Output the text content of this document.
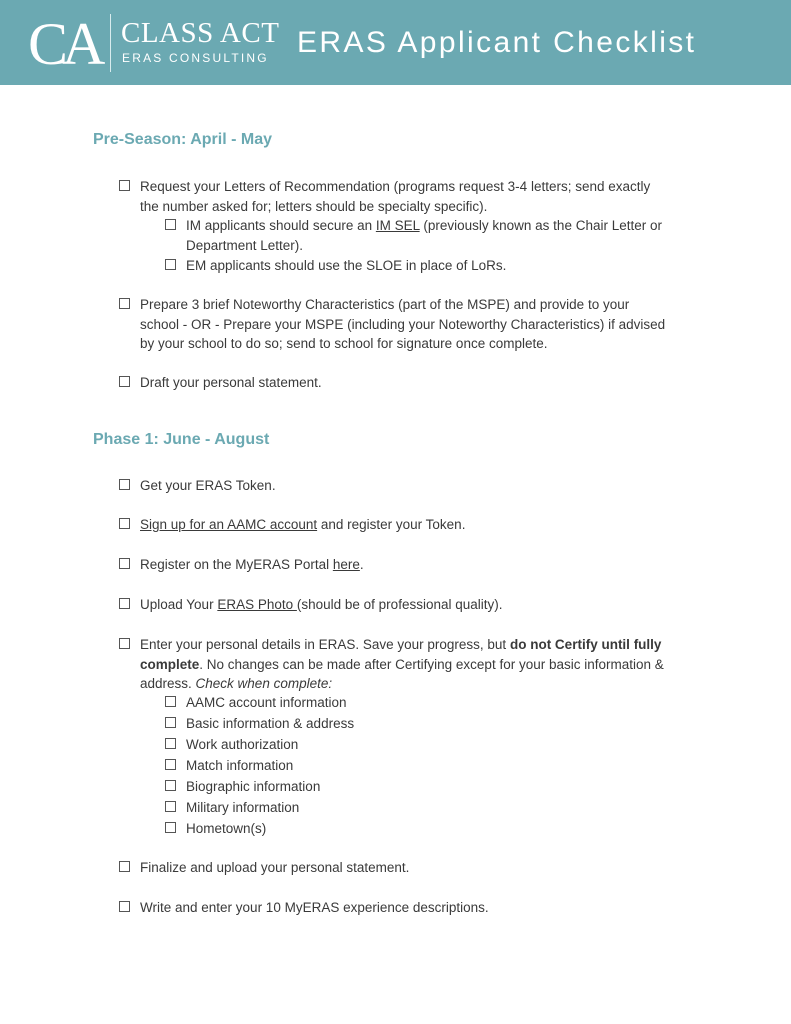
CA CLASS ACT
ERAS CONSULTING ERAS Applicant Checklist
Pre-Season: April - May
Request your Letters of Recommendation (programs request 3-4 letters; send exactly
the number asked for; letters should be specialty specific).
IM applicants should secure an IM SEL (previously known as the Chair Letter or
Department Letter).
EM applicants should use the SLOE in place of LoRs.
Prepare 3 brief Noteworthy Characteristics (part of the MSPE) and provide to your
school - OR - Prepare your MSPE (including your Noteworthy Characteristics) if advised
by your school to do so; send to school for signature once complete.
Draft your personal statement.
Phase 1: June - August
Get your ERAS Token.
Sign up for an AAMC account and register your Token.
Register on the MyERAS Portal here.
Upload Your ERAS Photo (should be of professional quality).
Enter your personal details in ERAS. Save your progress, but do not Certify until fully
complete. No changes can be made after Certifying except for your basic information &
address. Check when complete:
AAMC account information
Basic information & address
Work authorization
Match information
Biographic information
Military information
Hometown(s)
Finalize and upload your personal statement.
Write and enter your 10 MyERAS experience descriptions.
